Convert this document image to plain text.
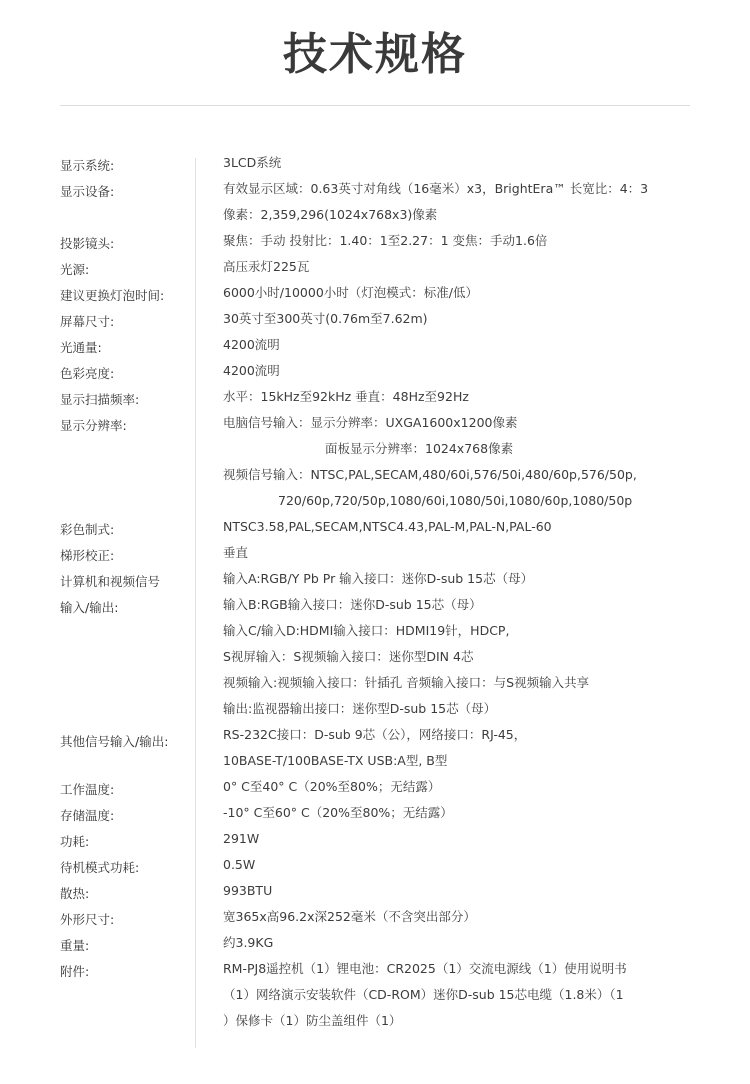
技术规格
显示系统:	3LCD系统
显示设备:	有效显示区域：0.63英寸对角线（16毫米）x3，BrightEra™ 长宽比：4：3
像素：2,359,296(1024x768x3)像素
投影镜头:	聚焦：手动 投射比：1.40：1至2.27：1 变焦：手动1.6倍
光源:	高压汞灯225瓦
建议更换灯泡时间:	6000小时/10000小时（灯泡模式：标准/低）
屏幕尺寸:	30英寸至300英寸(0.76m至7.62m)
光通量:	4200流明
色彩亮度:	4200流明
显示扫描频率:	水平：15kHz至92kHz 垂直：48Hz至92Hz
显示分辨率:	电脑信号输入：显示分辨率：UXGA1600x1200像素
面板显示分辨率：1024x768像素
视频信号输入：NTSC,PAL,SECAM,480/60i,576/50i,480/60p,576/50p,
720/60p,720/50p,1080/60i,1080/50i,1080/60p,1080/50p
彩色制式:	NTSC3.58,PAL,SECAM,NTSC4.43,PAL-M,PAL-N,PAL-60
梯形校正:	垂直
计算机和视频信号
输入/输出:
输入A:RGB/Y Pb Pr 输入接口：迷你D-sub 15芯（母）
输入B:RGB输入接口：迷你D-sub 15芯（母）
输入C/输入D:HDMI输入接口：HDMI19针，HDCP,
S视屏输入：S视频输入接口：迷你型DIN 4芯
视频输入:视频输入接口：针插孔 音频输入接口：与S视频输入共享
输出:监视器输出接口：迷你型D-sub 15芯（母）
其他信号输入/输出:	RS-232C接口：D-sub 9芯（公），网络接口：RJ-45，
10BASE-T/100BASE-TX USB:A型, B型
工作温度:	0° C至40° C（20%至80%；无结露）
存储温度:	-10° C至60° C（20%至80%；无结露）
功耗:	291W
待机模式功耗:	0.5W
散热:	993BTU
外形尺寸:	宽365x高96.2x深252毫米（不含突出部分）
重量:	约3.9KG
附件:	RM-PJ8遥控机（1）锂电池：CR2025（1）交流电源线（1）使用说明书
（1）网络演示安装软件（CD-ROM）迷你D-sub 15芯电缆（1.8米）（1
）保修卡（1）防尘盖组件（1）
